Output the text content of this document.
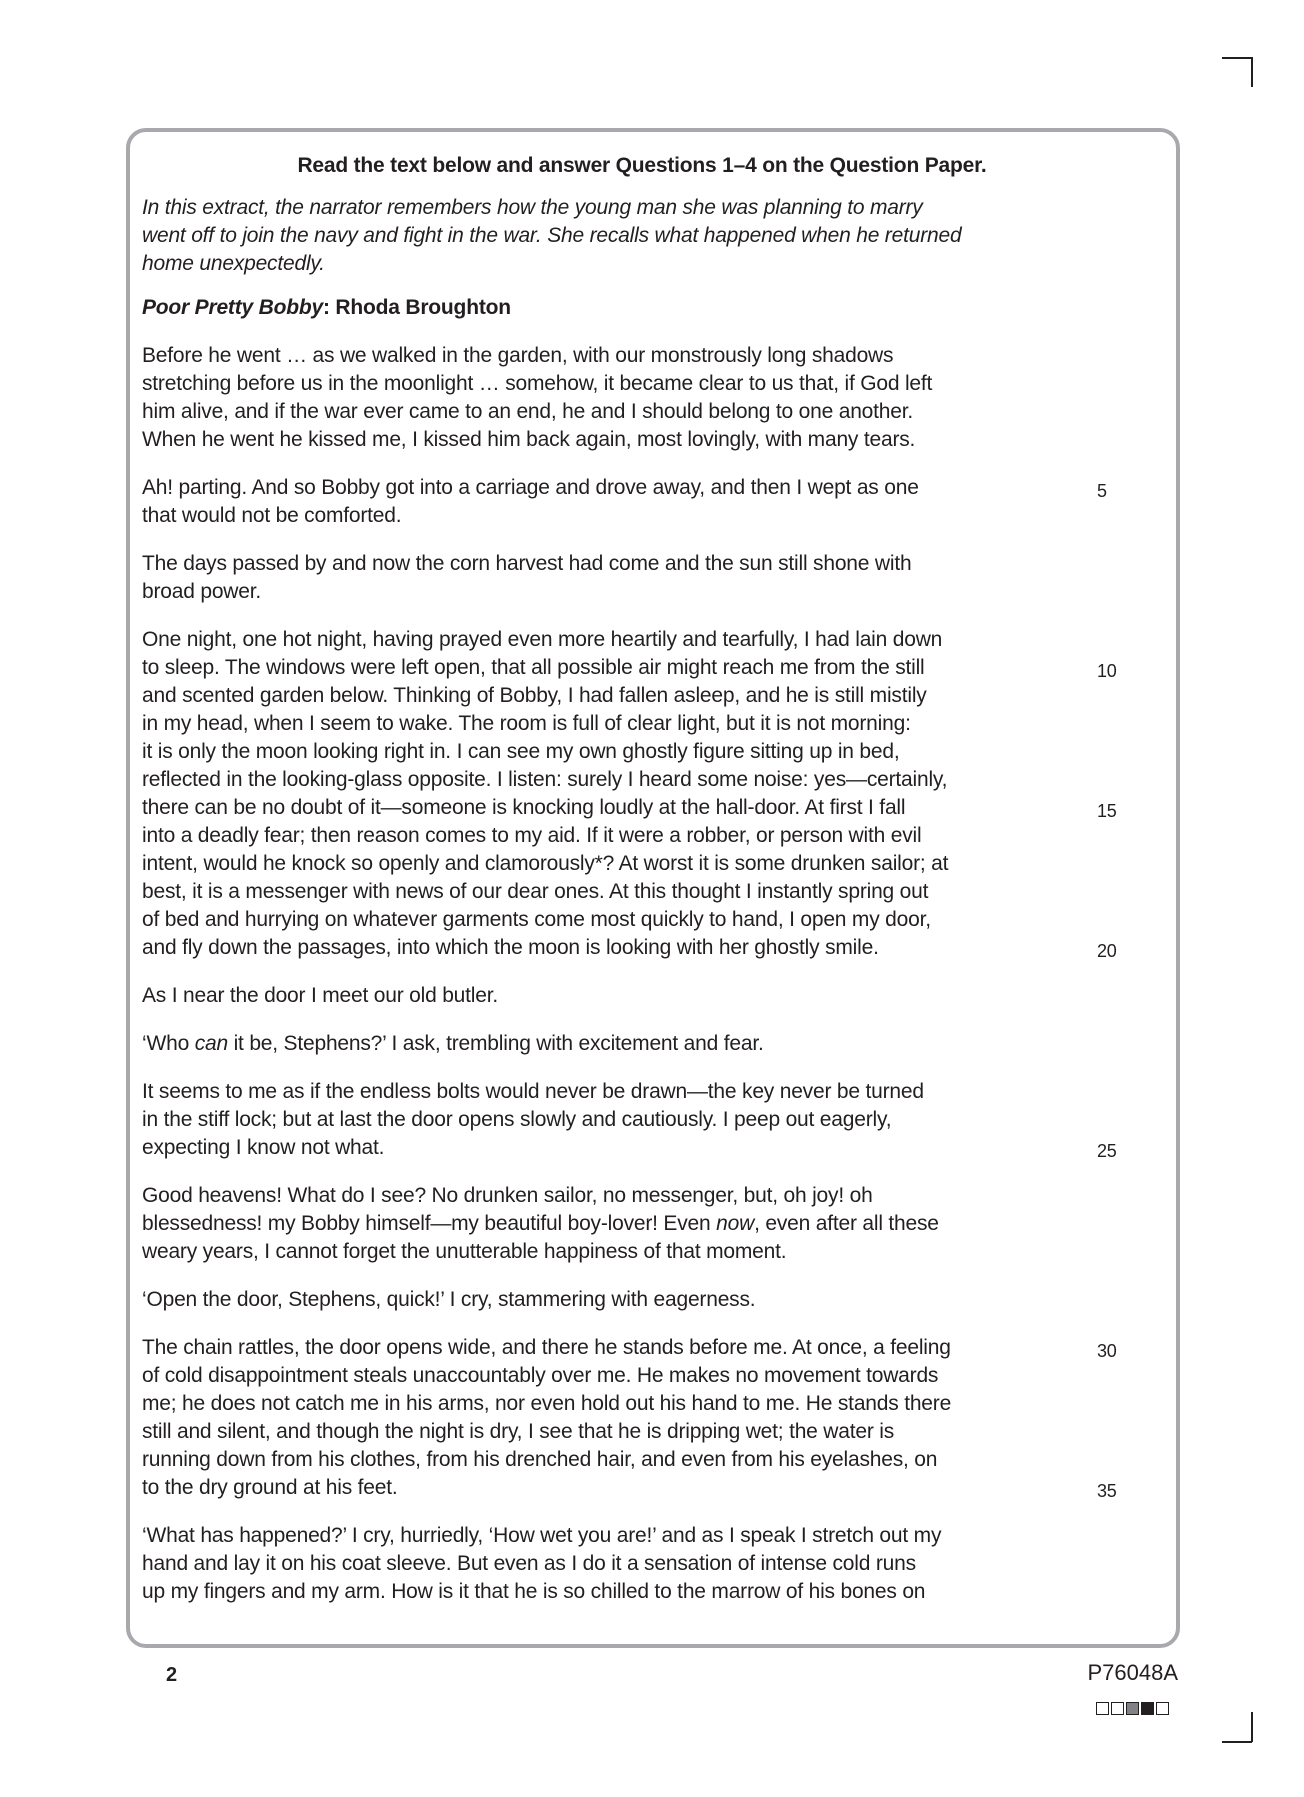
Read the text below and answer Questions 1–4 on the Question Paper.
In this extract, the narrator remembers how the young man she was planning to marry
went off to join the navy and fight in the war. She recalls what happened when he returned
home unexpectedly.
Poor Pretty Bobby: Rhoda Broughton
Before he went … as we walked in the garden, with our monstrously long shadows
stretching before us in the moonlight … somehow, it became clear to us that, if God left
him alive, and if the war ever came to an end, he and I should belong to one another.
When he went he kissed me, I kissed him back again, most lovingly, with many tears.
Ah! parting. And so Bobby got into a carriage and drove away, and then I wept as one	5
that would not be comforted.
The days passed by and now the corn harvest had come and the sun still shone with
broad power.
One night, one hot night, having prayed even more heartily and tearfully, I had lain down
to sleep. The windows were left open, that all possible air might reach me from the still	10
and scented garden below. Thinking of Bobby, I had fallen asleep, and he is still mistily
in my head, when I seem to wake. The room is full of clear light, but it is not morning:
it is only the moon looking right in. I can see my own ghostly figure sitting up in bed,
reflected in the looking-glass opposite. I listen: surely I heard some noise: yes—certainly,
there can be no doubt of it—someone is knocking loudly at the hall-door. At first I fall	15
into a deadly fear; then reason comes to my aid. If it were a robber, or person with evil
intent, would he knock so openly and clamorously*? At worst it is some drunken sailor; at
best, it is a messenger with news of our dear ones. At this thought I instantly spring out
of bed and hurrying on whatever garments come most quickly to hand, I open my door,
and fly down the passages, into which the moon is looking with her ghostly smile.	20
As I near the door I meet our old butler.
‘Who can it be, Stephens?’ I ask, trembling with excitement and fear.
It seems to me as if the endless bolts would never be drawn—the key never be turned
in the stiff lock; but at last the door opens slowly and cautiously. I peep out eagerly,
expecting I know not what.	25
Good heavens! What do I see? No drunken sailor, no messenger, but, oh joy! oh
blessedness! my Bobby himself—my beautiful boy-lover! Even now, even after all these
weary years, I cannot forget the unutterable happiness of that moment.
‘Open the door, Stephens, quick!’ I cry, stammering with eagerness.
The chain rattles, the door opens wide, and there he stands before me. At once, a feeling	30
of cold disappointment steals unaccountably over me. He makes no movement towards
me; he does not catch me in his arms, nor even hold out his hand to me. He stands there
still and silent, and though the night is dry, I see that he is dripping wet; the water is
running down from his clothes, from his drenched hair, and even from his eyelashes, on
to the dry ground at his feet.	35
‘What has happened?’ I cry, hurriedly, ‘How wet you are!’ and as I speak I stretch out my
hand and lay it on his coat sleeve. But even as I do it a sensation of intense cold runs
up my fingers and my arm. How is it that he is so chilled to the marrow of his bones on
2	P76048A
